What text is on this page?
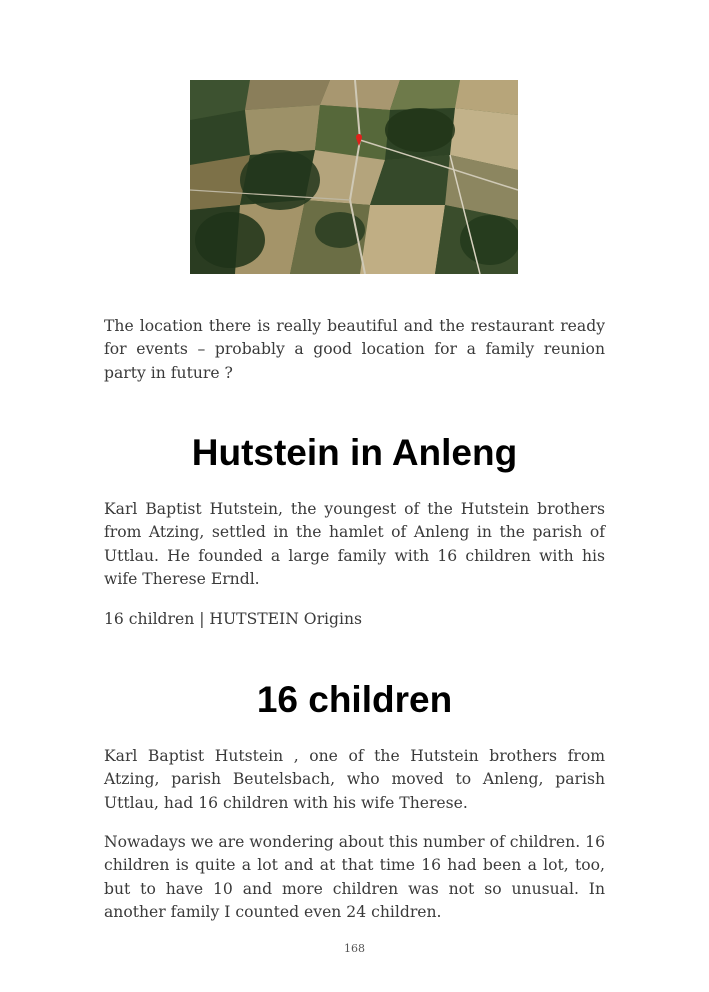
The location there is really beautiful and the restaurant ready for events – probably a good location for a family reunion party in future ?

Hutstein in Anleng

Karl Baptist Hutstein, the youngest of the Hutstein brothers from Atzing, settled in the hamlet of Anleng in the parish of Uttlau. He founded a large family with 16 children with his wife Therese Erndl.

16 children | HUTSTEIN Origins

16 children

Karl Baptist Hutstein , one of the Hutstein brothers from Atzing, parish Beutelsbach, who moved to Anleng, parish Uttlau, had 16 children with his wife Therese.

Nowadays we are wondering about this number of children. 16 children is quite a lot and at that time 16 had been a lot, too, but to have 10 and more children was not so unusual. In another family I counted even 24 children.

168
